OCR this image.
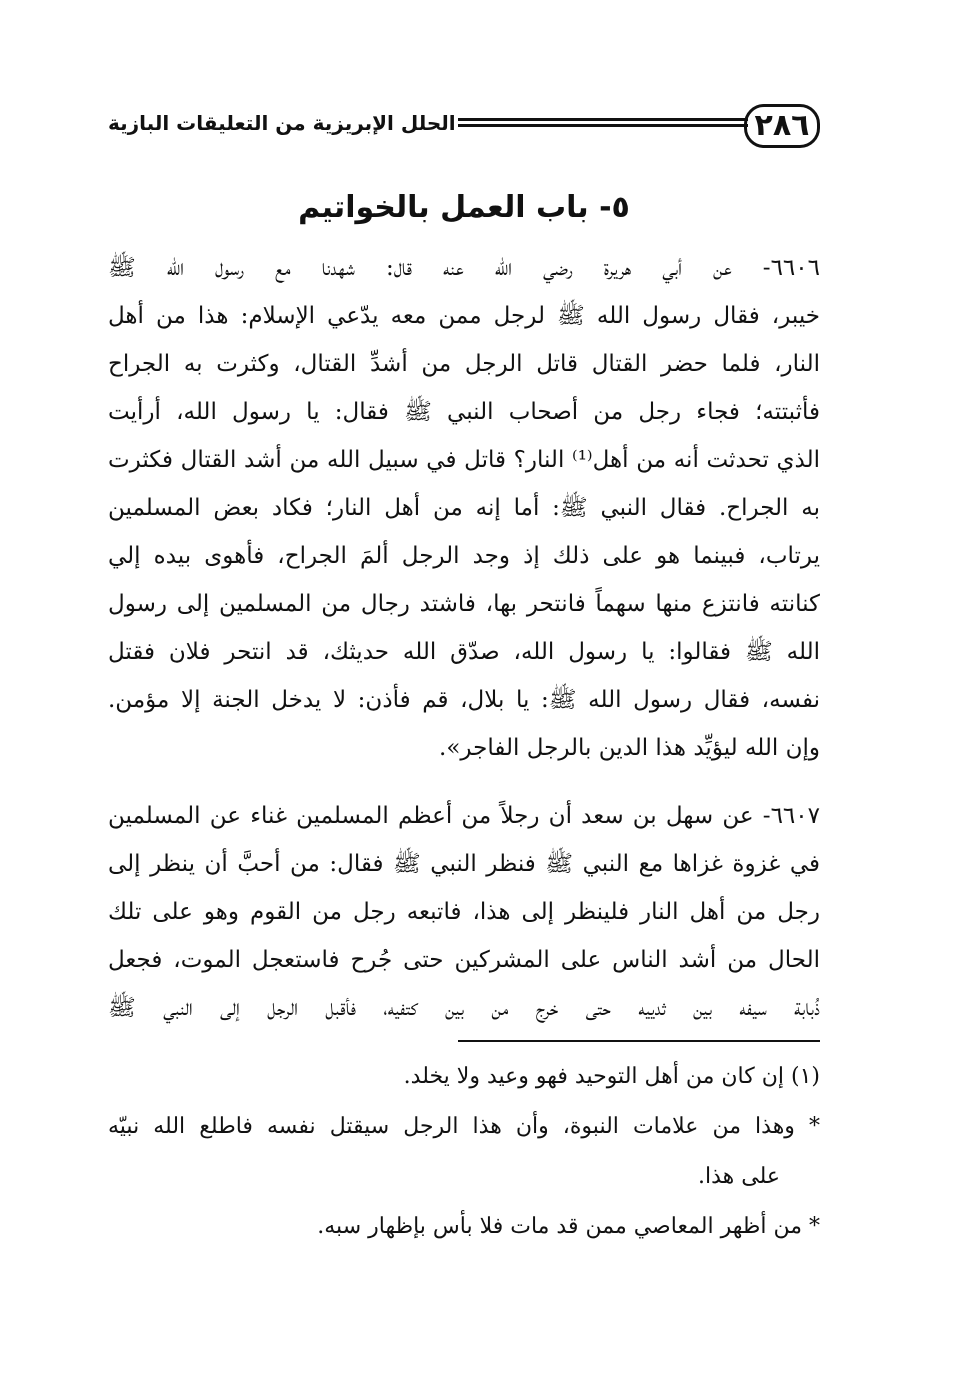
٢٨٦
الحلل الإبريزية من التعليقات البازية
٥- باب العمل بالخواتيم
٦٦٠٦- عن أبي هريرة رضي الله عنه قال: شهدنا مع رسول الله ﷺ
خيبر، فقال رسول الله ﷺ لرجل ممن معه يدّعي الإسلام: هذا من أهل
النار، فلما حضر القتال قاتل الرجل من أشدِّ القتال، وكثرت به الجراح
فأثبتته؛ فجاء رجل من أصحاب النبي ﷺ فقال: يا رسول الله، أرأيت
الذي تحدثت أنه من أهل⁽¹⁾ النار؟ قاتل في سبيل الله من أشد القتال فكثرت
به الجراح. فقال النبي ﷺ: أما إنه من أهل النار؛ فكاد بعض المسلمين
يرتاب، فبينما هو على ذلك إذ وجد الرجل ألمَ الجراح، فأهوى بيده إلي
كنانته فانتزع منها سهماً فانتحر بها، فاشتد رجال من المسلمين إلى رسول
الله ﷺ فقالوا: يا رسول الله، صدّق الله حديثك، قد انتحر فلان فقتل
نفسه، فقال رسول الله ﷺ: يا بلال، قم فأذن: لا يدخل الجنة إلا مؤمن.
وإن الله ليؤيِّد هذا الدين بالرجل الفاجر».
٦٦٠٧- عن سهل بن سعد أن رجلاً من أعظم المسلمين غناء عن المسلمين
في غزوة غزاها مع النبي ﷺ فنظر النبي ﷺ فقال: من أحبَّ أن ينظر إلى
رجل من أهل النار فلينظر إلى هذا، فاتبعه رجل من القوم وهو على تلك
الحال من أشد الناس على المشركين حتى جُرح فاستعجل الموت، فجعل
ذُبابة سيفه بين ثدييه حتى خرج من بين كتفيه، فأقبل الرجل إلى النبي ﷺ
(١) إن كان من أهل التوحيد فهو وعيد ولا يخلد.
* وهذا من علامات النبوة، وأن هذا الرجل سيقتل نفسه فاطلع الله نبيّه
على هذا.
* من أظهر المعاصي ممن قد مات فلا بأس بإظهار سبه.
